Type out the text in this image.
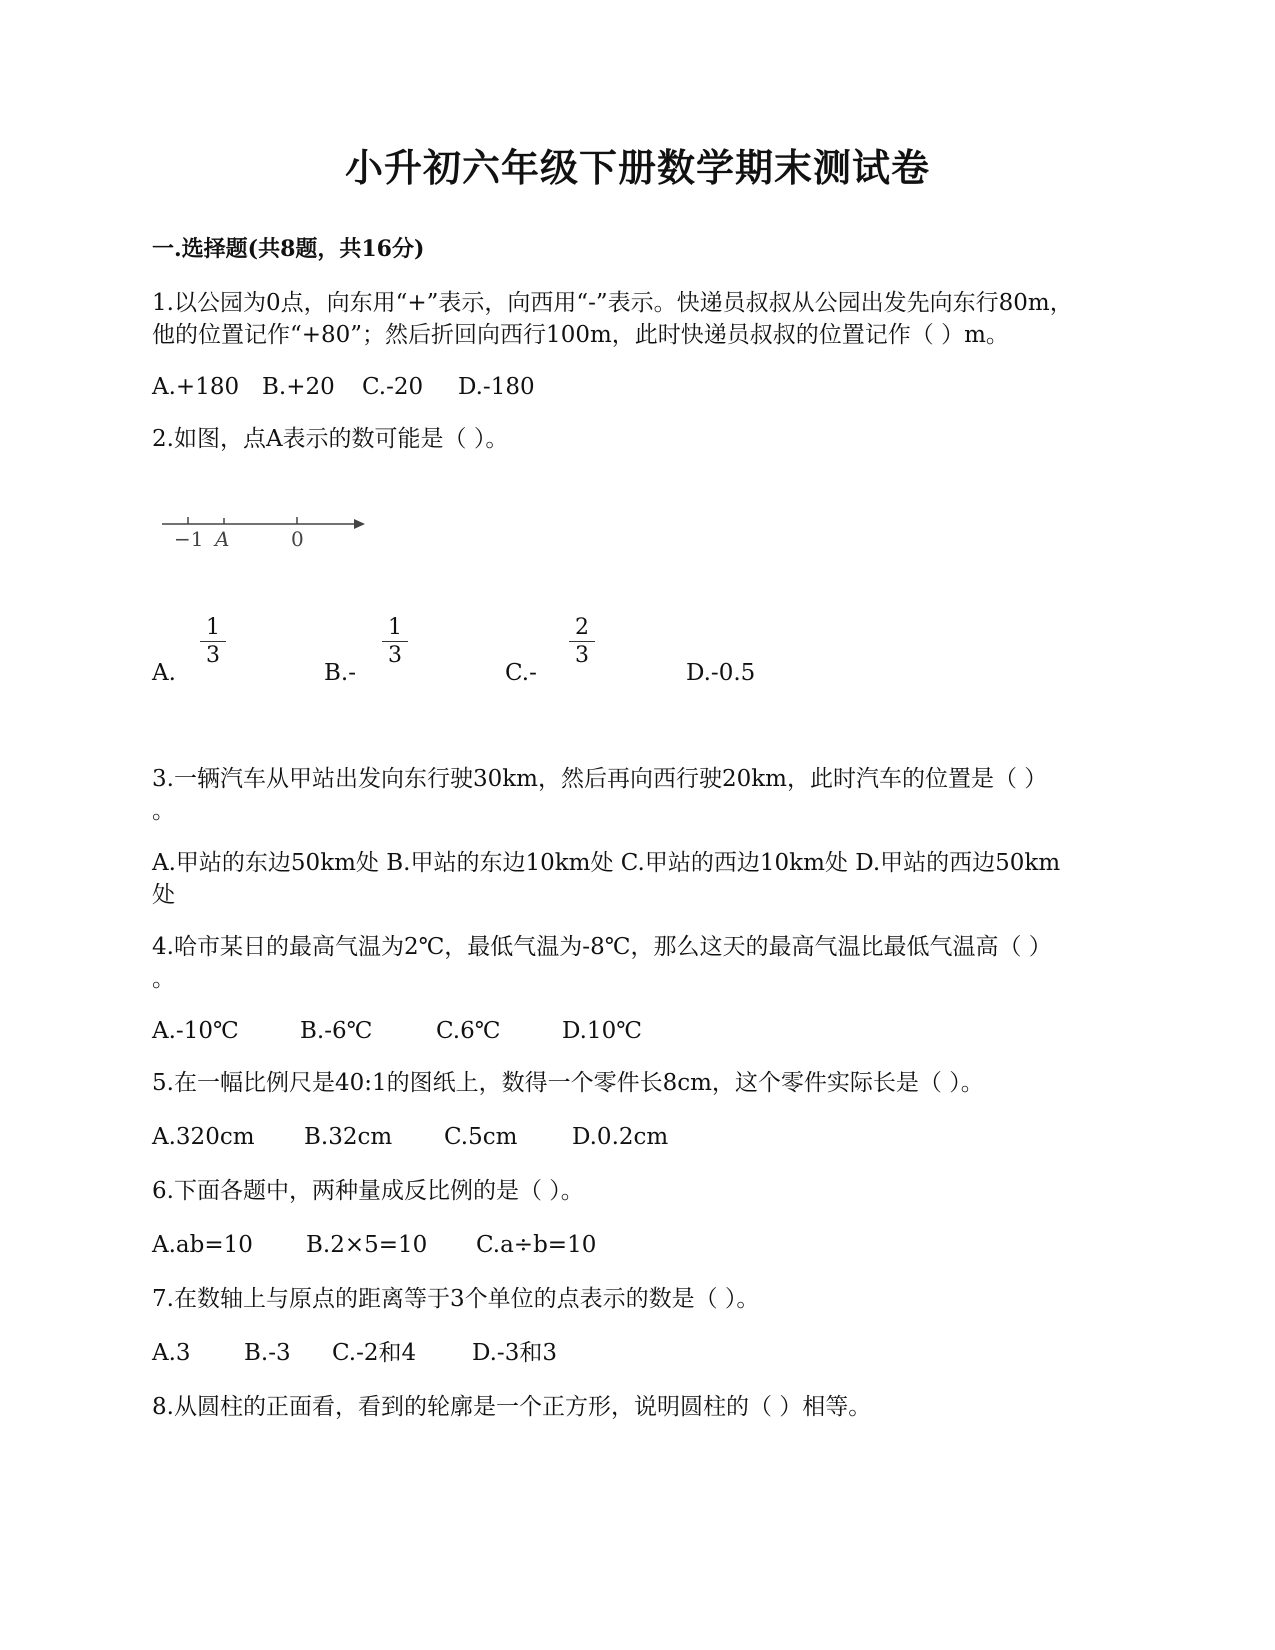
小升初六年级下册数学期末测试卷
一.选择题(共8题，共16分)
1.以公园为0点，向东用“+”表示，向西用“-”表示。快递员叔叔从公园出发先向东行80m，
他的位置记作“+80”；然后折回向西行100m，此时快递员叔叔的位置记作（ ）m。
A.+180 B.+20 C.-20 D.-180
2.如图，点A表示的数可能是（ ）。
−1 A	0
A.
1
3
B.-
1
3
C.-
2
3
D.-0.5
3.一辆汽车从甲站出发向东行驶30km，然后再向西行驶20km，此时汽车的位置是（ ）
。
A.甲站的东边50km处 B.甲站的东边10km处 C.甲站的西边10km处 D.甲站的西边50km
处
4.哈市某日的最高气温为2℃，最低气温为-8℃，那么这天的最高气温比最低气温高（ ）
。
A.-10℃	B.-6℃	C.6℃	D.10℃
5.在一幅比例尺是40:1的图纸上，数得一个零件长8cm，这个零件实际长是（ ）。
A.320cm B.32cm C.5cm D.0.2cm
6.下面各题中，两种量成反比例的是（ ）。
A.ab=10 B.2×5=10 C.a÷b=10
7.在数轴上与原点的距离等于3个单位的点表示的数是（ ）。
A.3 B.-3 C.-2和4 D.-3和3
8.从圆柱的正面看，看到的轮廓是一个正方形，说明圆柱的（ ）相等。
